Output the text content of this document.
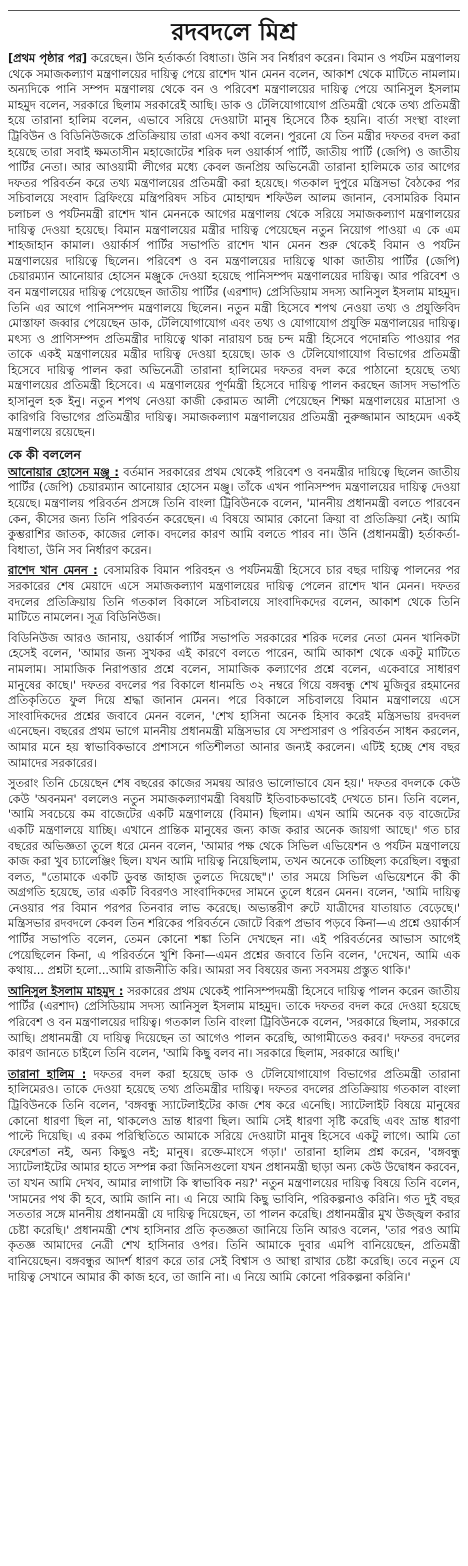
রদবদলে মিশ্র

[প্রথম পৃষ্ঠার পর] করেছেন। উনি হর্তাকর্তা বিধাতা। উনি সব নির্ধারণ করেন। বিমান ও পর্যটন মন্ত্রণালয় থেকে সমাজকল্যাণ মন্ত্রণালয়ের দায়িত্ব পেয়ে রাশেদ খান মেনন বলেন, আকাশ থেকে মাটিতে নামলাম। অন্যদিকে পানি সম্পদ মন্ত্রণালয় থেকে বন ও পরিবেশ মন্ত্রণালয়ের দায়িত্ব পেয়ে আনিসুল ইসলাম মাহমুদ বলেন, সরকারে ছিলাম সরকারেই আছি। ডাক ও টেলিযোগাযোগ প্রতিমন্ত্রী থেকে তথ্য প্রতিমন্ত্রী হয়ে তারানা হালিম বলেন, এভাবে সরিয়ে দেওয়াটা মানুষ হিসেবে ঠিক হয়নি। বার্তা সংস্থা বাংলা ট্রিবিউন ও বিডিনিউজকে প্রতিক্রিয়ায় তারা এসব কথা বলেন। পুরনো যে তিন মন্ত্রীর দফতর বদল করা হয়েছে তারা সবাই ক্ষমতাসীন মহাজোটের শরিক দল ওয়ার্কার্স পার্টি, জাতীয় পার্টি (জেপি) ও জাতীয় পার্টির নেতা। আর আওয়ামী লীগের মধ্যে কেবল জনপ্রিয় অভিনেত্রী তারানা হালিমকে তার আগের দফতর পরিবর্তন করে তথ্য মন্ত্রণালয়ের প্রতিমন্ত্রী করা হয়েছে। গতকাল দুপুরে মন্ত্রিসভা বৈঠকের পর সচিবালয়ে সংবাদ ব্রিফিংয়ে মন্ত্রিপরিষদ সচিব মোহাম্মদ শফিউল আলম জানান, বেসামরিক বিমান চলাচল ও পর্যটনমন্ত্রী রাশেদ খান মেননকে আগের মন্ত্রণালয় থেকে সরিয়ে সমাজকল্যাণ মন্ত্রণালয়ের দায়িত্ব দেওয়া হয়েছে। বিমান মন্ত্রণালয়ের মন্ত্রীর দায়িত্ব পেয়েছেন নতুন নিয়োগ পাওয়া এ কে এম শাহজাহান কামাল। ওয়ার্কার্স পার্টির সভাপতি রাশেদ খান মেনন শুরু থেকেই বিমান ও পর্যটন মন্ত্রণালয়ের দায়িত্বে ছিলেন। পরিবেশ ও বন মন্ত্রণালয়ের দায়িত্বে থাকা জাতীয় পার্টির (জেপি) চেয়ারম্যান আনোয়ার হোসেন মঞ্জুকে দেওয়া হয়েছে পানিসম্পদ মন্ত্রণালয়ের দায়িত্ব। আর পরিবেশ ও বন মন্ত্রণালয়ের দায়িত্ব পেয়েছেন জাতীয় পার্টির (এরশাদ) প্রেসিডিয়াম সদস্য আনিসুল ইসলাম মাহমুদ। তিনি এর আগে পানিসম্পদ মন্ত্রণালয়ে ছিলেন। নতুন মন্ত্রী হিসেবে শপথ নেওয়া তথ্য ও প্রযুক্তিবিদ মোস্তাফা জব্বার পেয়েছেন ডাক, টেলিযোগাযোগ এবং তথ্য ও যোগাযোগ প্রযুক্তি মন্ত্রণালয়ের দায়িত্ব। মৎস্য ও প্রাণিসম্পদ প্রতিমন্ত্রীর দায়িত্বে থাকা নারায়ণ চন্দ্র চন্দ মন্ত্রী হিসেবে পদোন্নতি পাওয়ার পর তাকে একই মন্ত্রণালয়ের মন্ত্রীর দায়িত্ব দেওয়া হয়েছে। ডাক ও টেলিযোগাযোগ বিভাগের প্রতিমন্ত্রী হিসেবে দায়িত্ব পালন করা অভিনেত্রী তারানা হালিমের দফতর বদল করে পাঠানো হয়েছে তথ্য মন্ত্রণালয়ের প্রতিমন্ত্রী হিসেবে। এ মন্ত্রণালয়ের পূর্ণমন্ত্রী হিসেবে দায়িত্ব পালন করছেন জাসদ সভাপতি হাসানুল হক ইনু। নতুন শপথ নেওয়া কাজী কেরামত আলী পেয়েছেন শিক্ষা মন্ত্রণালয়ের মাদ্রাসা ও কারিগরি বিভাগের প্রতিমন্ত্রীর দায়িত্ব। সমাজকল্যাণ মন্ত্রণালয়ের প্রতিমন্ত্রী নুরুজ্জামান আহমেদ একই মন্ত্রণালয়ে রয়েছেন।

কে কী বললেন

আনোয়ার হোসেন মঞ্জু : বর্তমান সরকারের প্রথম থেকেই পরিবেশ ও বনমন্ত্রীর দায়িত্বে ছিলেন জাতীয় পার্টির (জেপি) চেয়ারম্যান আনোয়ার হোসেন মঞ্জু। তাঁকে এখন পানিসম্পদ মন্ত্রণালয়ের দায়িত্ব দেওয়া হয়েছে। মন্ত্রণালয় পরিবর্তন প্রসঙ্গে তিনি বাংলা ট্রিবিউনকে বলেন, 'মাননীয় প্রধানমন্ত্রী বলতে পারবেন কেন, কীসের জন্য তিনি পরিবর্তন করেছেন। এ বিষয়ে আমার কোনো ক্রিয়া বা প্রতিক্রিয়া নেই। আমি কুম্ভরাশির জাতক, কাজের লোক। বদলের কারণ আমি বলতে পারব না। উনি (প্রধানমন্ত্রী) হর্তাকর্তা-বিধাতা, উনি সব নির্ধারণ করেন।

রাশেদ খান মেনন : বেসামরিক বিমান পরিবহন ও পর্যটনমন্ত্রী হিসেবে চার বছর দায়িত্ব পালনের পর সরকারের শেষ মেয়াদে এসে সমাজকল্যাণ মন্ত্রণালয়ের দায়িত্ব পেলেন রাশেদ খান মেনন। দফতর বদলের প্রতিক্রিয়ায় তিনি গতকাল বিকালে সচিবালয়ে সাংবাদিকদের বলেন, আকাশ থেকে তিনি মাটিতে নামলেন। সূত্র বিডিনিউজ।

বিডিনিউজ আরও জানায়, ওয়ার্কার্স পার্টির সভাপতি সরকারের শরিক দলের নেতা মেনন খানিকটা হেসেই বলেন, 'আমার জন্য সুখকর এই কারণে বলতে পারেন, আমি আকাশ থেকে একটু মাটিতে নামলাম। সামাজিক নিরাপত্তার প্রশ্নে বলেন, সামাজিক কল্যাণের প্রশ্নে বলেন, একেবারে সাধারণ মানুষের কাছে।' দফতর বদলের পর বিকালে ধানমন্ডি ৩২ নম্বরে গিয়ে বঙ্গবন্ধু শেখ মুজিবুর রহমানের প্রতিকৃতিতে ফুল দিয়ে শ্রদ্ধা জানান মেনন। পরে বিকালে সচিবালয়ে বিমান মন্ত্রণালয়ে এসে সাংবাদিকদের প্রশ্নের জবাবে মেনন বলেন, 'শেখ হাসিনা অনেক হিসাব করেই মন্ত্রিসভায় রদবদল এনেছেন। বছরের প্রথম ভাগে মাননীয় প্রধানমন্ত্রী মন্ত্রিসভার যে সম্প্রসারণ ও পরিবর্তন সাধন করলেন, আমার মনে হয় স্বাভাবিকভাবে প্রশাসনে গতিশীলতা আনার জন্যই করলেন। এটিই হচ্ছে শেষ বছর আমাদের সরকারের।

সুতরাং তিনি চেয়েছেন শেষ বছরের কাজের সমন্বয় আরও ভালোভাবে যেন হয়।' দফতর বদলকে কেউ কেউ 'অবনমন' বললেও নতুন সমাজকল্যাণমন্ত্রী বিষয়টি ইতিবাচকভাবেই দেখতে চান। তিনি বলেন, 'আমি সবচেয়ে কম বাজেটের একটি মন্ত্রণালয়ে (বিমান) ছিলাম। এখন আমি অনেক বড় বাজেটের একটি মন্ত্রণালয়ে যাচ্ছি। এখানে প্রান্তিক মানুষের জন্য কাজ করার অনেক জায়গা আছে।' গত চার বছরের অভিজ্ঞতা তুলে ধরে মেনন বলেন, 'আমার পক্ষ থেকে সিভিল এভিয়েশন ও পর্যটন মন্ত্রণালয়ে কাজ করা খুব চ্যালেঞ্জিং ছিল। যখন আমি দায়িত্ব নিয়েছিলাম, তখন অনেকে তাচ্ছিল্য করেছিল। বন্ধুরা বলত, "তোমাকে একটি ডুবন্ত জাহাজ তুলতে দিয়েছে"।' তার সময়ে সিভিল এভিয়েশনে কী কী অগ্রগতি হয়েছে, তার একটি বিবরণও সাংবাদিকদের সামনে তুলে ধরেন মেনন। বলেন, 'আমি দায়িত্ব নেওয়ার পর বিমান পরপর তিনবার লাভ করেছে। অভ্যন্তরীণ রুটে যাত্রীদের যাতায়াত বেড়েছে।' মন্ত্রিসভার রদবদলে কেবল তিন শরিকের পরিবর্তনে জোটে বিরূপ প্রভাব পড়বে কিনা—এ প্রশ্নে ওয়ার্কার্স পার্টির সভাপতি বলেন, তেমন কোনো শঙ্কা তিনি দেখছেন না। এই পরিবর্তনের আভাস আগেই পেয়েছিলেন কিনা, এ পরিবর্তনে খুশি কিনা—এমন প্রশ্নের জবাবে তিনি বলেন, 'দেখেন, আমি এক কথায়... প্রশ্নটা হলো...আমি রাজনীতি করি। আমরা সব বিষয়ের জন্য সবসময় প্রস্তুত থাকি।'

আনিসুল ইসলাম মাহমুদ : সরকারের প্রথম থেকেই পানিসম্পদমন্ত্রী হিসেবে দায়িত্ব পালন করেন জাতীয় পার্টির (এরশাদ) প্রেসিডিয়াম সদস্য আনিসুল ইসলাম মাহমুদ। তাকে দফতর বদল করে দেওয়া হয়েছে পরিবেশ ও বন মন্ত্রণালয়ের দায়িত্ব। গতকাল তিনি বাংলা ট্রিবিউনকে বলেন, 'সরকারে ছিলাম, সরকারে আছি। প্রধানমন্ত্রী যে দায়িত্ব দিয়েছেন তা আগেও পালন করেছি, আগামীতেও করব।' দফতর বদলের কারণ জানতে চাইলে তিনি বলেন, 'আমি কিছু বলব না। সরকারে ছিলাম, সরকারে আছি।'

তারানা হালিম : দফতর বদল করা হয়েছে ডাক ও টেলিযোগাযোগ বিভাগের প্রতিমন্ত্রী তারানা হালিমেরও। তাকে দেওয়া হয়েছে তথ্য প্রতিমন্ত্রীর দায়িত্ব। দফতর বদলের প্রতিক্রিয়ায় গতকাল বাংলা ট্রিবিউনকে তিনি বলেন, 'বঙ্গবন্ধু স্যাটেলাইটের কাজ শেষ করে এনেছি। স্যাটেলাইট বিষয়ে মানুষের কোনো ধারণা ছিল না, থাকলেও ভ্রান্ত ধারণা ছিল। আমি সেই ধারণা সৃষ্টি করেছি এবং ভ্রান্ত ধারণা পাল্টে দিয়েছি। এ রকম পরিস্থিতিতে আমাকে সরিয়ে দেওয়াটা মানুষ হিসেবে একটু লাগে। আমি তো ফেরেশতা নই, অন্য কিছুও নই; মানুষ। রক্তে-মাংসে গড়া।' তারানা হালিম প্রশ্ন করেন, 'বঙ্গবন্ধু স্যাটেলাইটের আমার হাতে সম্পন্ন করা জিনিসগুলো যখন প্রধানমন্ত্রী ছাড়া অন্য কেউ উদ্বোধন করবেন, তা যখন আমি দেখব, আমার লাগাটা কি স্বাভাবিক নয়?' নতুন মন্ত্রণালয়ের দায়িত্ব বিষয়ে তিনি বলেন, 'সামনের পথ কী হবে, আমি জানি না। এ নিয়ে আমি কিছু ভাবিনি, পরিকল্পনাও করিনি। গত দুই বছর সততার সঙ্গে মাননীয় প্রধানমন্ত্রী যে দায়িত্ব দিয়েছেন, তা পালন করেছি। প্রধানমন্ত্রীর মুখ উজ্জ্বল করার চেষ্টা করেছি।' প্রধানমন্ত্রী শেখ হাসিনার প্রতি কৃতজ্ঞতা জানিয়ে তিনি আরও বলেন, 'তার পরও আমি কৃতজ্ঞ আমাদের নেত্রী শেখ হাসিনার ওপর। তিনি আমাকে দুবার এমপি বানিয়েছেন, প্রতিমন্ত্রী বানিয়েছেন। বঙ্গবন্ধুর আদর্শ ধারণ করে তার সেই বিশ্বাস ও আস্থা রাখার চেষ্টা করেছি। তবে নতুন যে দায়িত্ব সেখানে আমার কী কাজ হবে, তা জানি না। এ নিয়ে আমি কোনো পরিকল্পনা করিনি।'
